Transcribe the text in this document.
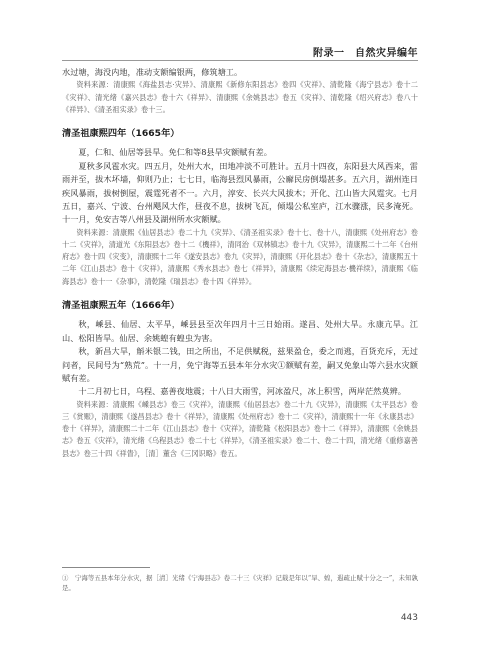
附录一　自然灾异编年

水过塘，海没内地，准动支额编银两，修筑塘工。

资料来源：清康熙《海盐县志·灾异》、清康熙《新修东阳县志》卷四《灾祥》、清乾隆《海宁县志》卷十二《灾祥》、清光绪《嘉兴县志》卷十六《祥异》、清康熙《余姚县志》卷五《灾祥》、清乾隆《绍兴府志》卷八十《祥异》、《清圣祖实录》卷十三。

清圣祖康熙四年（1665年）

夏，仁和、仙居等县旱。免仁和等8县旱灾额赋有差。

夏秋多风雹水灾。四五月，处州大水，田地冲淡不可胜计。五月十四夜，东阳县大风西来，雷雨并至，拔木坏墙，仰则乃止；七七日，临海县烈风暴雨，公廨民房倒塌甚多。五六月，湖州连日疾风暴雨，拔树倒屋，震霆死者不一。六月，淳安、长兴大风拔木；开化、江山皆大风霆灾。七月五日，嘉兴、宁波、台州飓风大作，昼夜不息，拔树飞瓦，倾塌公私室庐，江水骤涨，民多淹死。十一月，免安吉等八州县及湖州所水灾额赋。

资料来源：清康熙《仙居县志》卷二十九《灾异》、《清圣祖实录》卷十七、卷十八，清康熙《处州府志》卷十二《灾祥》，清道光《东阳县志》卷十二《機祥》，清同治《双林镇志》卷十九《灾异》，清康熙二十二年《台州府志》卷十四《灾变》，清康熙十二年《遂安县志》卷九《灾异》，清康熙《开化县志》卷十《杂志》，清康熙五十二年《江山县志》卷十《灾祥》，清康熙《秀水县志》卷七《祥异》，清康熙《续定海县志·機祥续》，清康熙《临海县志》卷十一《杂事》，清乾隆《瑞县志》卷十四《祥异》。

清圣祖康熙五年（1666年）

秋，嵊县、仙居、太平旱，嵊县县至次年四月十三日始雨。遂昌、处州大旱。永康亢旱。江山、松阳皆旱。仙居、余姚蝗有蝗虫为害。

秋，新昌大旱，斛米银二钱，田之所出，不足供赋税，兹果盈仓，委之而逃，百货充斥，无过问者，民间号为“熟荒”。十一月，免宁海等五县本年分水灾①额赋有差，嗣又免象山等六县水灾额赋有差。

十二月初七日，乌程、嘉善夜地震；十八日大雨雪，河冰盈尺，冰上积雪，两岸茫然莫辨。

资料来源：清康熙《嵊县志》卷三《灾祥》，清康熙《仙居县志》卷二十九《灾异》，清康熙《太平县志》卷三《赏赈》，清康熙《遂昌县志》卷十《祥异》，清康熙《处州府志》卷十二《灾祥》，清康熙十一年《永康县志》卷十《祥异》，清康熙二十二年《江山县志》卷十《灾祥》，清乾隆《松阳县志》卷十二《祥异》，清康熙《余姚县志》卷五《灾祥》，清光绪《乌程县志》卷二十七《祥异》，《清圣祖实录》卷二十、卷二十四，清光绪《重修嘉善县志》卷三十四《祥眚》，［清］董含《三冈识略》卷五。

①　宁海等五县本年分水灾，据［清］光绪《宁海县志》卷二十三《灾祥》记载是年以“旱、蝗，遐疏止赋十分之一”，未知孰是。
443
